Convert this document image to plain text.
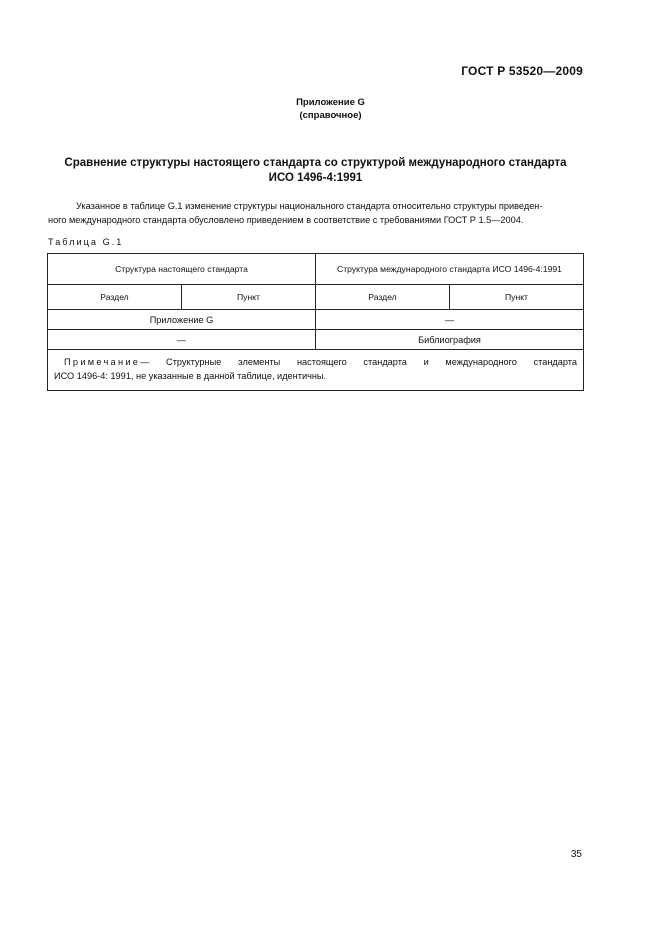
ГОСТ Р 53520—2009
Приложение G
(справочное)
Сравнение структуры настоящего стандарта со структурой международного стандарта
ИСО 1496-4:1991
Указанное в таблице G.1 изменение структуры национального стандарта относительно структуры приведен-
ного международного стандарта обусловлено приведением в соответствие с требованиями ГОСТ Р 1.5—2004.
Таблица G.1
Структура настоящего стандарта		Структура международного стандарта ИСО 1496-4:1991	
Раздел	Пункт	Раздел	Пункт
Приложение G		—	
—		Библиография	

Примечание— Структурные элементы настоящего стандарта и международного стандарта
ИСО 1496-4: 1991, не указанные в данной таблице, идентичны.			
35
